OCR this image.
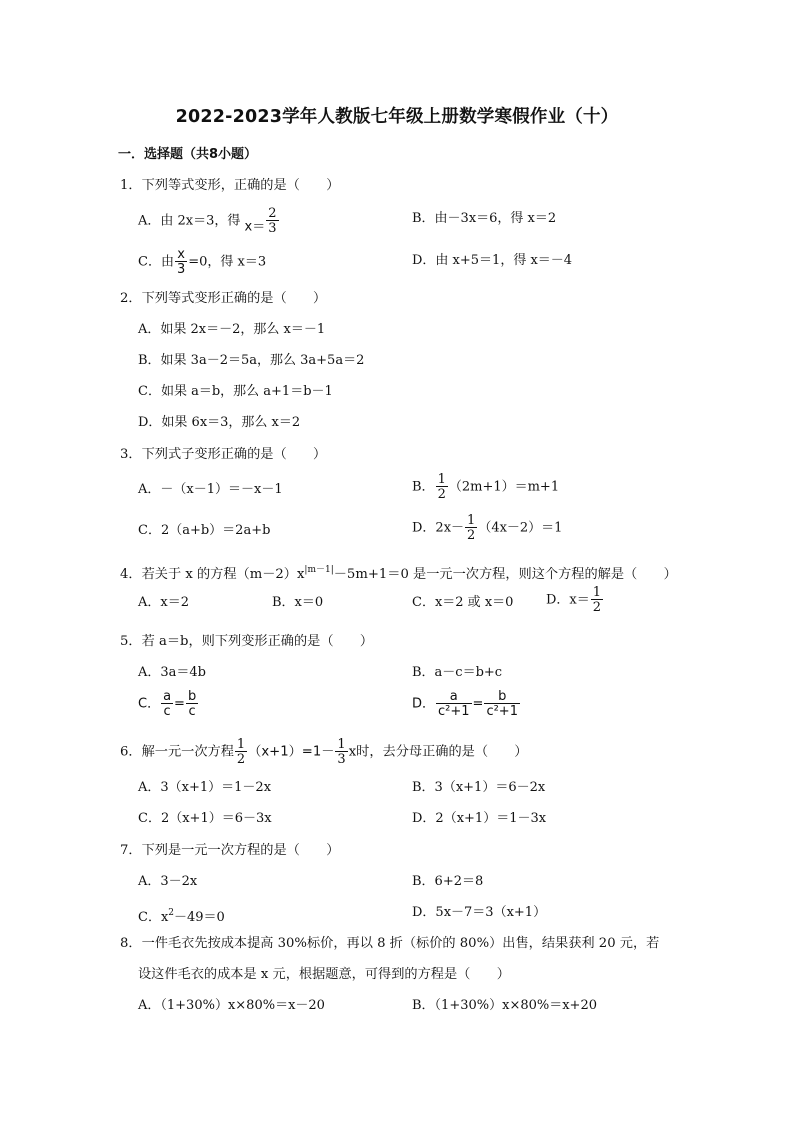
2022-2023学年人教版七年级上册数学寒假作业（十）
一．选择题（共8小题）
1．下列等式变形，正确的是（　　）
A．由 2x＝3，得 $x= \frac{2}{3}$	B．由－3x＝6，得 x＝2
C．由 $\frac{x}{3} =0$，得 x＝3	D．由 x+5＝1，得 x＝－4
2．下列等式变形正确的是（　　）
A．如果 2x＝－2，那么 x＝－1
B．如果 3a－2＝5a，那么 3a+5a＝2
C．如果 a＝b，那么 a+1＝b－1
D．如果 6x＝3，那么 x＝2
3．下列式子变形正确的是（　　）
A．－（x－1）＝－x－1	B． $\frac{1}{2} (2m+1)=m+1$
C．2（a+b）＝2a+b	D．$2x- \frac{1}{2} (4x-2)=1$
4．若关于 x 的方程$(m-2)x^{|m-1|}-5m+1=0$ 是一元一次方程，则这个方程的解是（　　）
A．x＝2	B．x＝0	C．x＝2 或 x＝0	D．$x= \frac{1}{2}$
5．若 a＝b，则下列变形正确的是（　　）
A．3a＝4b	B．a－c＝b+c
C． $\frac{a}{c} = \frac{b}{c}$	D． $\frac{a}{\text{c²+1}} = \frac{b}{\text{c²+1}}$
6．解一元一次方程 $\frac{1}{2} (x+1)=1- \frac{1}{3}$ x时，去分母正确的是（　　）
A．3（x+1）＝1－2x	B．3（x+1）＝6－2x
C．2（x+1）＝6－3x	D．2（x+1）＝1－3x
7．下列是一元一次方程的是（　　）
A．3－2x	B．6+2＝8
C．$x^2-49=0$	D．5x－7＝3（x+1）
8．一件毛衣先按成本提高 30%标价，再以 8 折（标价的 80%）出售，结果获利 20 元，若
设这件毛衣的成本是 x 元，根据题意，可得到的方程是（　　）
A．（1+30%）x×80%＝x－20	B．（1+30%）x×80%＝x+20
